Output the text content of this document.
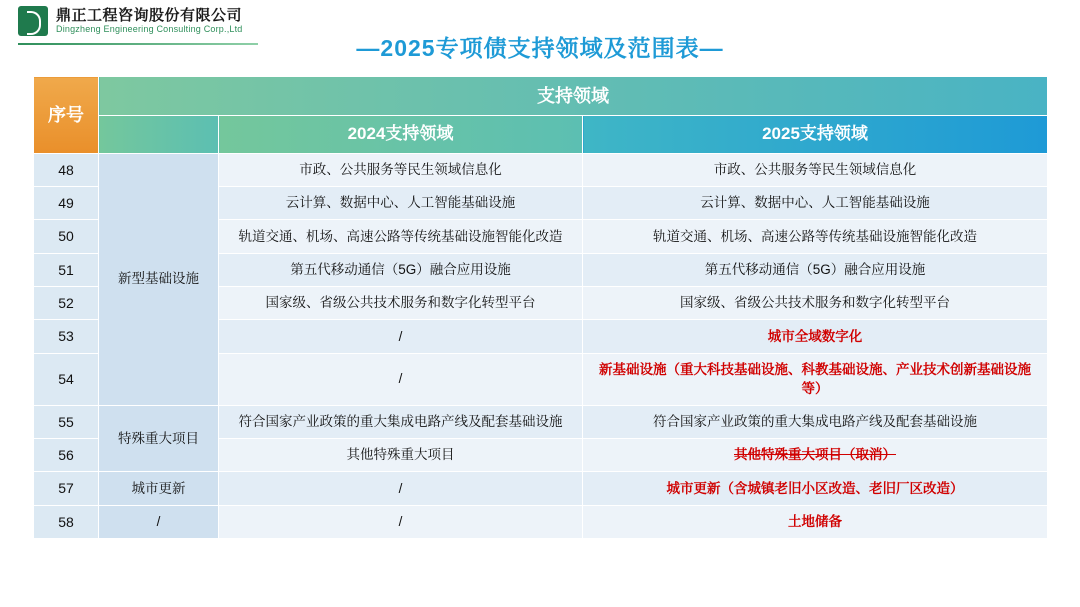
鼎正工程咨询股份有限公司
Dingzheng Engineering Consulting Corp.,Ltd
—2025专项债支持领域及范围表—
序号	支持领域		
		2024支持领域	2025支持领域
48	新型基础设施	市政、公共服务等民生领域信息化	市政、公共服务等民生领域信息化
49		云计算、数据中心、人工智能基础设施	云计算、数据中心、人工智能基础设施
50		轨道交通、机场、高速公路等传统基础设施智能化改造	轨道交通、机场、高速公路等传统基础设施智能化改造
51		第五代移动通信（5G）融合应用设施	第五代移动通信（5G）融合应用设施
52		国家级、省级公共技术服务和数字化转型平台	国家级、省级公共技术服务和数字化转型平台
53		/	城市全域数字化
54		/	新基础设施（重大科技基础设施、科教基础设施、产业技术创新基础设施等）
55	特殊重大项目	符合国家产业政策的重大集成电路产线及配套基础设施	符合国家产业政策的重大集成电路产线及配套基础设施
56		其他特殊重大项目	其他特殊重大项目（取消）
57	城市更新	/	城市更新（含城镇老旧小区改造、老旧厂区改造）
58	/	/	土地储备
